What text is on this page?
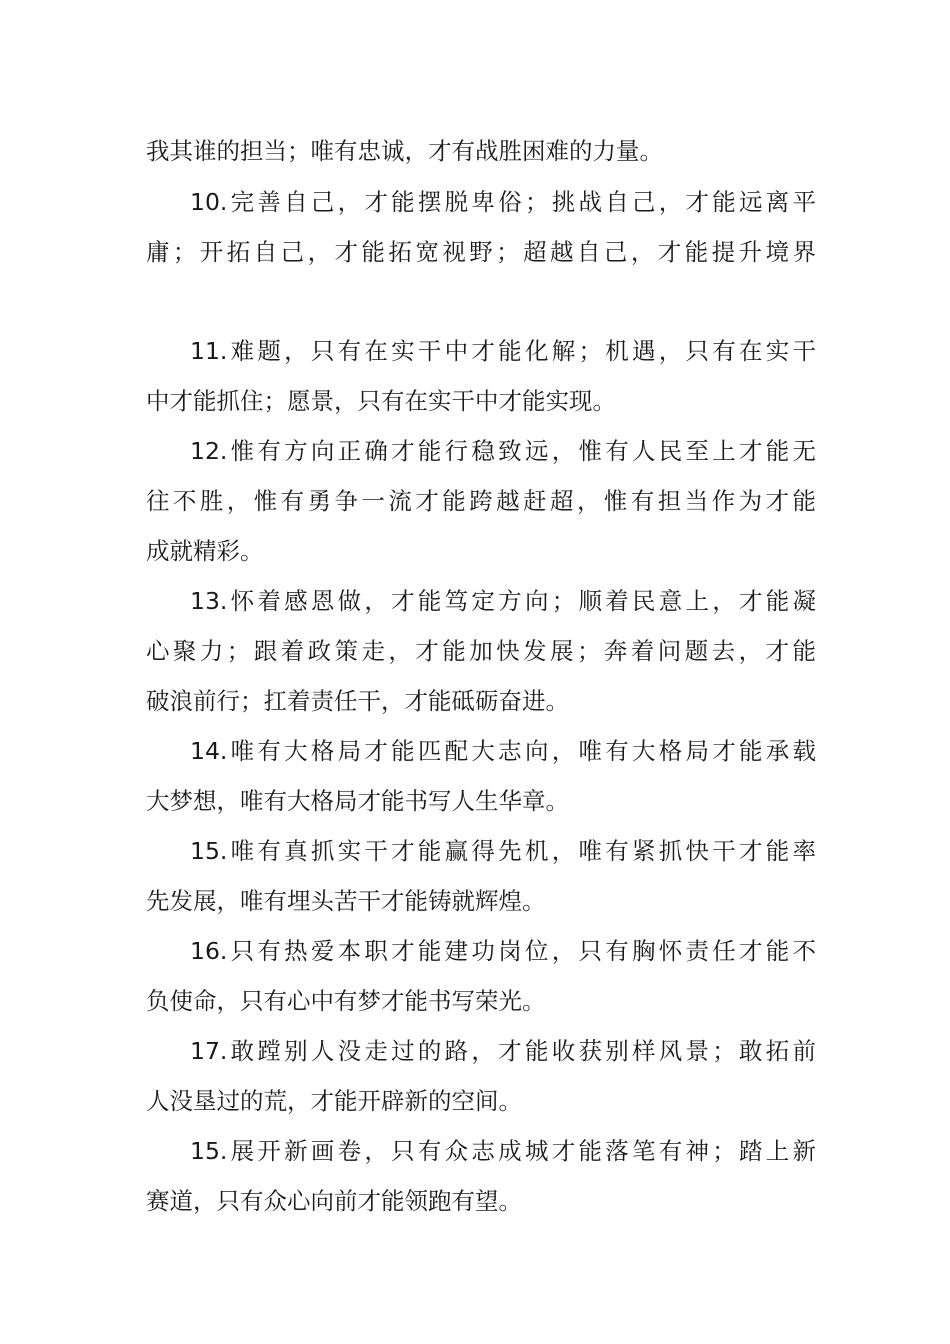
我其谁的担当；唯有忠诚，才有战胜困难的力量。
10.完善自己，才能摆脱卑俗；挑战自己，才能远离平
庸；开拓自己，才能拓宽视野；超越自己，才能提升境界
11.难题，只有在实干中才能化解；机遇，只有在实干
中才能抓住；愿景，只有在实干中才能实现。
12.惟有方向正确才能行稳致远，惟有人民至上才能无
往不胜，惟有勇争一流才能跨越赶超，惟有担当作为才能
成就精彩。
13.怀着感恩做，才能笃定方向；顺着民意上，才能凝
心聚力；跟着政策走，才能加快发展；奔着问题去，才能
破浪前行；扛着责任干，才能砥砺奋进。
14.唯有大格局才能匹配大志向，唯有大格局才能承载
大梦想，唯有大格局才能书写人生华章。
15.唯有真抓实干才能赢得先机，唯有紧抓快干才能率
先发展，唯有埋头苦干才能铸就辉煌。
16.只有热爱本职才能建功岗位，只有胸怀责任才能不
负使命，只有心中有梦才能书写荣光。
17.敢蹚别人没走过的路，才能收获别样风景；敢拓前
人没垦过的荒，才能开辟新的空间。
15.展开新画卷，只有众志成城才能落笔有神；踏上新
赛道，只有众心向前才能领跑有望。
